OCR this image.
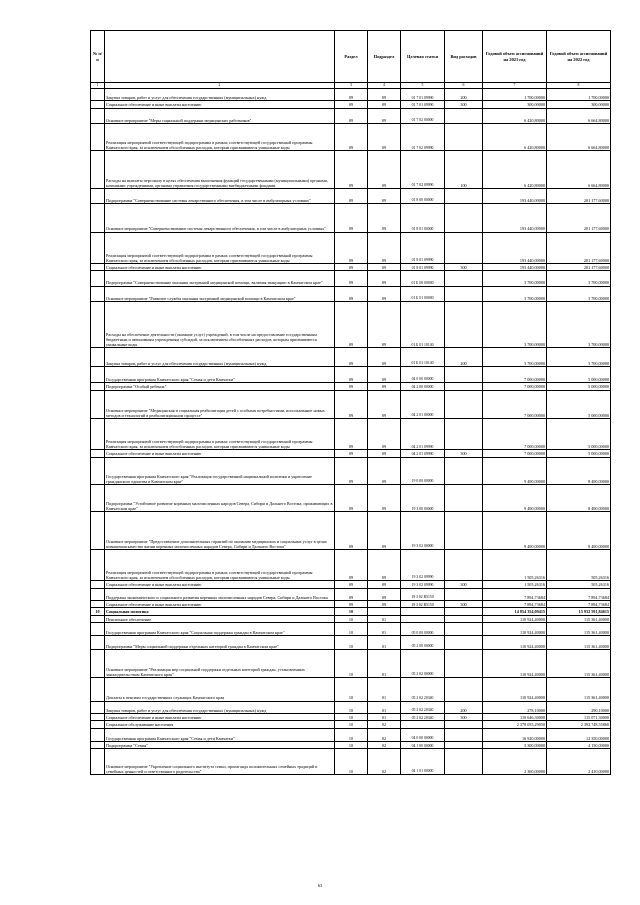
№ п/п		Раздел	Подраздел	Целевая статья	Вид расходов	Годовой объем ассигнований на 2021 год	Годовой объем ассигнований на 2022 год
1	2	3	4	5	6	7	8
	Закупка товаров, работ и услуг для обеспечения государственных (муниципальных) нужд	09	09	01 7 01 09990	200	1 700,00000	1 700,00000
	Социальное обеспечение и иные выплаты населению	09	09	01 7 01 09990	300	300,00000	300,00000
	Основное мероприятие "Меры социальной поддержки медицинских работников"	09	09	01 7 02 00000		6 420,80000	6 664,80000
	Реализация мероприятий соответствующей подпрограммы в рамках соответствующей государственной программы Камчатского края, за исключением обособленных расходов, которым присваиваются уникальные коды	09	09	01 7 02 09990		6 420,80000	6 664,80000
	Расходы на выплаты персоналу в целях обеспечения выполнения функций государственными (муниципальными) органами, казенными учреждениями, органами управления государственными внебюджетными фондами	09	09	01 7 02 09990	100	6 420,80000	6 664,80000
	Подпрограмма "Совершенствование системы лекарственного обеспечения, в том числе в амбулаторных условиях"	09	09	01 8 00 00000		193 440,00000	201 177,60000
	Основное мероприятие "Совершенствование системы лекарственного обеспечения, в том числе в амбулаторных условиях"	09	09	01 8 01 00000		193 440,00000	201 177,60000
	Реализация мероприятий соответствующей подпрограммы в рамках соответствующей государственной программы Камчатского края, за исключением обособленных расходов, которым присваиваются уникальные коды	09	09	01 8 01 09990		193 440,00000	201 177,60000
	Социальное обеспечение и иные выплаты населению	09	09	01 8 01 09990	300	193 440,00000	201 177,60000
	Подпрограмма "Совершенствование оказания экстренной медицинской помощи, включая эвакуацию в Камчатском крае"	09	09	01 Б 00 00000		3 700,00000	3 700,00000
	Основное мероприятие "Развитие службы оказания экстренной медицинской помощи в Камчатском крае"	09	09	01 Б 01 00000		3 700,00000	3 700,00000
	Расходы на обеспечение деятельности (оказание услуг) учреждений, в том числе на предоставление государственным бюджетным и автономным учреждениям субсидий, за исключением обособленных расходов, которым присваиваются уникальные коды	09	09	01 Б 01 10140		3 700,00000	3 700,00000
	Закупка товаров, работ и услуг для обеспечения государственных (муниципальных) нужд	09	09	01 Б 01 10140	200	3 700,00000	3 700,00000
	Государственная программа Камчатского края "Семья и дети Камчатки"	09	09	04 0 00 00000		7 000,00000	5 000,00000
	Подпрограмма "Особый ребенок"	09	09	04 2 00 00000		7 000,00000	5 000,00000
	Основное мероприятие "Медицинская и социальная реабилитация детей с особыми потребностями, использование новых методов и технологий в реабилитационном процессе"	09	09	04 2 01 00000		7 000,00000	5 000,00000
	Реализация мероприятий соответствующей подпрограммы в рамках соответствующей государственной программы Камчатского края, за исключением обособленных расходов, которым присваиваются уникальные коды	09	09	04 2 01 09990		7 000,00000	5 000,00000
	Социальное обеспечение и иные выплаты населению	09	09	04 2 01 09990	300	7 000,00000	5 000,00000
	Государственная программа Камчатского края "Реализация государственной национальной политики и укрепление гражданского единства в Камчатском крае"	09	09	19 0 00 00000		9 400,00000	8 400,00000
	Подпрограмма "Устойчивое развитие коренных малочисленных народов Севера, Сибири и Дальнего Востока, проживающих в Камчатском крае"	09	09	19 3 00 00000		9 400,00000	8 400,00000
	Основное мероприятие "Предоставление дополнительных гарантий по оказанию медицинских и социальных услуг в целях повышения качества жизни коренных малочисленных народов Севера, Сибири и Дальнего Востока"	09	09	19 3 02 00000		9 400,00000	8 400,00000
	Реализация мероприятий соответствующей подпрограммы в рамках соответствующей государственной программы Камчатского края, за исключением обособленных расходов, которым присваиваются уникальные коды	09	09	19 3 02 09990		1 505,26316	505,26316
	Социальное обеспечение и иные выплаты населению	09	09	19 3 02 09990	300	1 505,26316	505,26316
	Поддержка экономического и социального развития коренных малочисленных народов Севера, Сибири и Дальнего Востока	09	09	19 3 02 R5150		7 894,73684	7 894,73684
	Социальное обеспечение и иные выплаты населению	09	09	19 3 02 R5150	300	7 894,73684	7 894,73684
10	Социальная политика	10				14 854 354,09415	15 932 591,84615
	Пенсионное обеспечение	10	01			110 924,40000	115 361,40000
	Государственная программа Камчатского края "Социальная поддержка граждан в Камчатском крае"	10	01	05 0 00 00000		110 924,40000	115 361,40000
	Подпрограмма "Меры социальной поддержки отдельных категорий граждан в Камчатском крае"	10	01	05 2 00 00000		110 924,40000	115 361,40000
	Основное мероприятие "Реализация мер социальной поддержки отдельных категорий граждан, установленных законодательством Камчатского края"	10	01	05 2 02 00000		110 924,40000	115 361,40000
	Доплаты к пенсиям государственных служащих Камчатского края	10	01	05 2 02 20340		110 924,40000	115 361,40000
	Закупка товаров, работ и услуг для обеспечения государственных (муниципальных) нужд	10	01	05 2 02 20340	200	278,10000	290,10000
	Социальное обеспечение и иные выплаты населению	10	01	05 2 02 20340	300	110 646,30000	115 071,30000
	Социальное обслуживание населения	10	02			2 378 055,29050	2 392 748,55860
	Государственная программа Камчатского края "Семья и дети Камчатки"	10	02	04 0 00 00000		16 920,00000	12 350,00000
	Подпрограмма "Семья"	10	02	04 1 00 00000		5 300,00000	4 150,00000
	Основное мероприятие "Укрепление социального института семьи, пропаганда положительных семейных традиций и семейных ценностей и ответственного родительства"	10	02	04 1 01 00000		2 360,00000	2 410,00000
63
